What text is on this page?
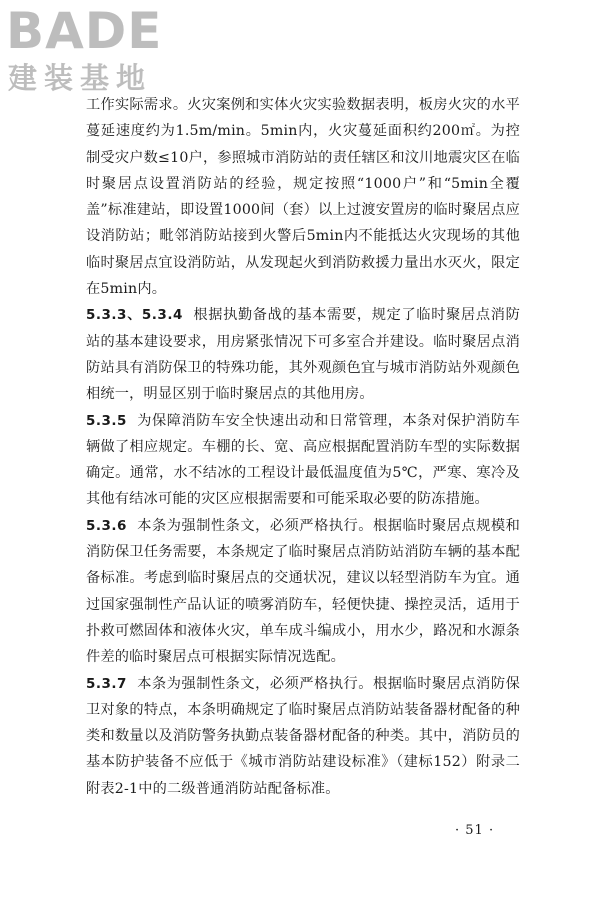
BADE
建装基地

工作实际需求。火灾案例和实体火灾实验数据表明，板房火灾的水平蔓延速度约为1.5m/min。5min内，火灾蔓延面积约200㎡。为控制受灾户数≤10户，参照城市消防站的责任辖区和汶川地震灾区在临时聚居点设置消防站的经验，规定按照“1000户”和“5min全覆盖”标准建站，即设置1000间（套）以上过渡安置房的临时聚居点应设消防站；毗邻消防站接到火警后5min内不能抵达火灾现场的其他临时聚居点宜设消防站，从发现起火到消防救援力量出水灭火，限定在5min内。

5.3.3、5.3.4 根据执勤备战的基本需要，规定了临时聚居点消防站的基本建设要求，用房紧张情况下可多室合并建设。临时聚居点消防站具有消防保卫的特殊功能，其外观颜色宜与城市消防站外观颜色相统一，明显区别于临时聚居点的其他用房。

5.3.5 为保障消防车安全快速出动和日常管理，本条对保护消防车辆做了相应规定。车棚的长、宽、高应根据配置消防车型的实际数据确定。通常，水不结冰的工程设计最低温度值为5℃，严寒、寒冷及其他有结冰可能的灾区应根据需要和可能采取必要的防冻措施。

5.3.6 本条为强制性条文，必须严格执行。根据临时聚居点规模和消防保卫任务需要，本条规定了临时聚居点消防站消防车辆的基本配备标准。考虑到临时聚居点的交通状况，建议以轻型消防车为宜。通过国家强制性产品认证的喷雾消防车，轻便快捷、操控灵活，适用于扑救可燃固体和液体火灾，单车成斗编成小，用水少，路况和水源条件差的临时聚居点可根据实际情况选配。

5.3.7 本条为强制性条文，必须严格执行。根据临时聚居点消防保卫对象的特点，本条明确规定了临时聚居点消防站装备器材配备的种类和数量以及消防警务执勤点装备器材配备的种类。其中，消防员的基本防护装备不应低于《城市消防站建设标准》（建标152）附录二附表2-1中的二级普通消防站配备标准。

· 51 ·
